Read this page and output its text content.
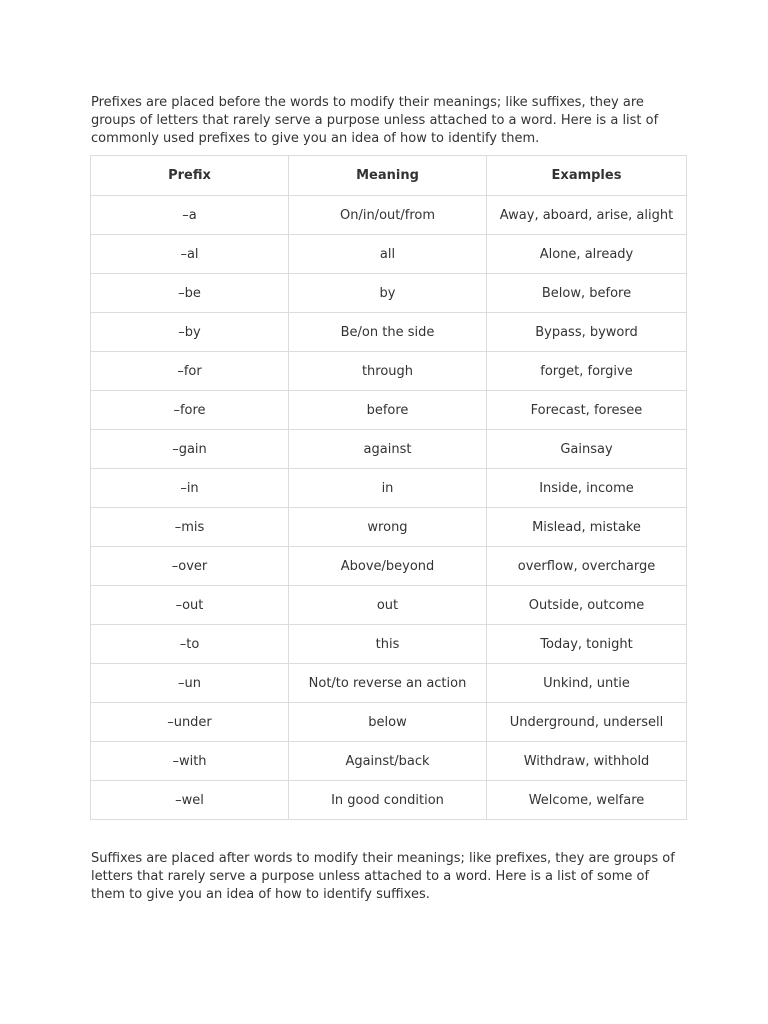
Prefixes are placed before the words to modify their meanings; like suffixes, they are
groups of letters that rarely serve a purpose unless attached to a word. Here is a list of
commonly used prefixes to give you an idea of how to identify them.

Prefix	Meaning	Examples
–a	On/in/out/from	Away, aboard, arise, alight
–al	all	Alone, already
–be	by	Below, before
–by	Be/on the side	Bypass, byword
–for	through	forget, forgive
–fore	before	Forecast, foresee
–gain	against	Gainsay
–in	in	Inside, income
–mis	wrong	Mislead, mistake
–over	Above/beyond	overflow, overcharge
–out	out	Outside, outcome
–to	this	Today, tonight
–un	Not/to reverse an action	Unkind, untie
–under	below	Underground, undersell
–with	Against/back	Withdraw, withhold
–wel	In good condition	Welcome, welfare

Suffixes are placed after words to modify their meanings; like prefixes, they are groups of
letters that rarely serve a purpose unless attached to a word. Here is a list of some of
them to give you an idea of how to identify suffixes.
